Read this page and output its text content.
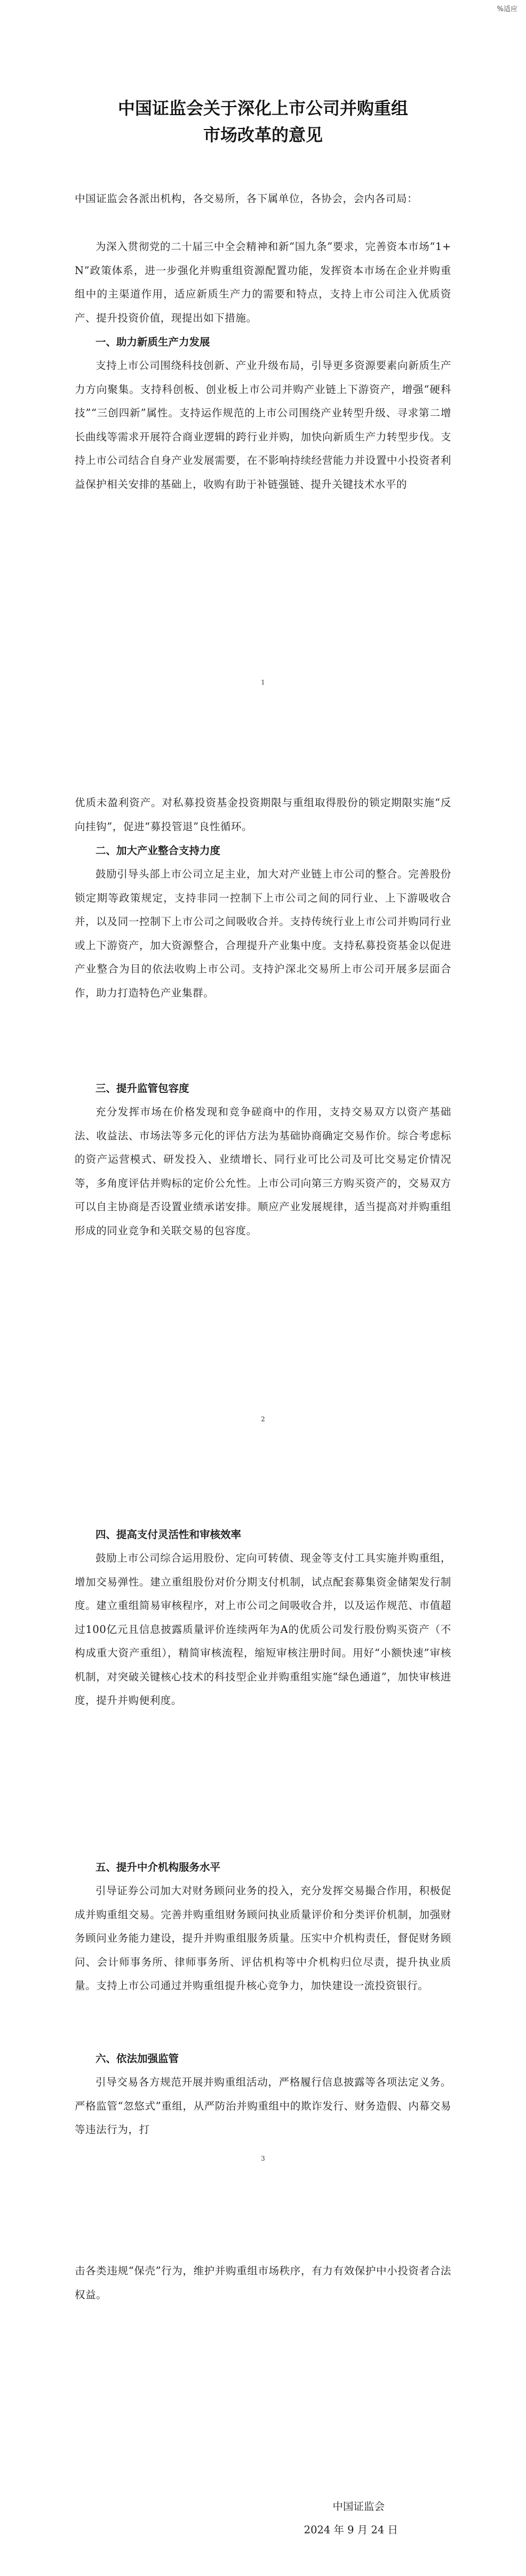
%适应
中国证监会关于深化上市公司并购重组
市场改革的意见
中国证监会各派出机构，各交易所，各下属单位，各协会，会内各司局：
为深入贯彻党的二十届三中全会精神和新“国九条”要求，完善资本市场“1+N”政策体系，进一步强化并购重组资源配置功能，发挥资本市场在企业并购重组中的主渠道作用，适应新质生产力的需要和特点，支持上市公司注入优质资产、提升投资价值，现提出如下措施。
一、助力新质生产力发展
支持上市公司围绕科技创新、产业升级布局，引导更多资源要素向新质生产力方向聚集。支持科创板、创业板上市公司并购产业链上下游资产，增强“硬科技”“三创四新”属性。支持运作规范的上市公司围绕产业转型升级、寻求第二增长曲线等需求开展符合商业逻辑的跨行业并购，加快向新质生产力转型步伐。支持上市公司结合自身产业发展需要，在不影响持续经营能力并设置中小投资者利益保护相关安排的基础上，收购有助于补链强链、提升关键技术水平的
1
优质未盈利资产。对私募投资基金投资期限与重组取得股份的锁定期限实施“反向挂钩”，促进“募投管退”良性循环。
二、加大产业整合支持力度
鼓励引导头部上市公司立足主业，加大对产业链上市公司的整合。完善股份锁定期等政策规定，支持非同一控制下上市公司之间的同行业、上下游吸收合并，以及同一控制下上市公司之间吸收合并。支持传统行业上市公司并购同行业或上下游资产，加大资源整合，合理提升产业集中度。支持私募投资基金以促进产业整合为目的依法收购上市公司。支持沪深北交易所上市公司开展多层面合作，助力打造特色产业集群。
三、提升监管包容度
充分发挥市场在价格发现和竞争磋商中的作用，支持交易双方以资产基础法、收益法、市场法等多元化的评估方法为基础协商确定交易作价。综合考虑标的资产运营模式、研发投入、业绩增长、同行业可比公司及可比交易定价情况等，多角度评估并购标的定价公允性。上市公司向第三方购买资产的，交易双方可以自主协商是否设置业绩承诺安排。顺应产业发展规律，适当提高对并购重组形成的同业竞争和关联交易的包容度。
2
四、提高支付灵活性和审核效率
鼓励上市公司综合运用股份、定向可转债、现金等支付工具实施并购重组，增加交易弹性。建立重组股份对价分期支付机制，试点配套募集资金储架发行制度。建立重组简易审核程序，对上市公司之间吸收合并，以及运作规范、市值超过100亿元且信息披露质量评价连续两年为A的优质公司发行股份购买资产（不构成重大资产重组），精简审核流程，缩短审核注册时间。用好“小额快速”审核机制，对突破关键核心技术的科技型企业并购重组实施“绿色通道”，加快审核进度，提升并购便利度。
五、提升中介机构服务水平
引导证券公司加大对财务顾问业务的投入，充分发挥交易撮合作用，积极促成并购重组交易。完善并购重组财务顾问执业质量评价和分类评价机制，加强财务顾问业务能力建设，提升并购重组服务质量。压实中介机构责任，督促财务顾问、会计师事务所、律师事务所、评估机构等中介机构归位尽责，提升执业质量。支持上市公司通过并购重组提升核心竞争力，加快建设一流投资银行。
六、依法加强监管
引导交易各方规范开展并购重组活动，严格履行信息披露等各项法定义务。严格监管“忽悠式”重组，从严防治并购重组中的欺诈发行、财务造假、内幕交易等违法行为，打
3
击各类违规“保壳”行为，维护并购重组市场秩序，有力有效保护中小投资者合法权益。
中国证监会
2024 年 9 月 24 日
